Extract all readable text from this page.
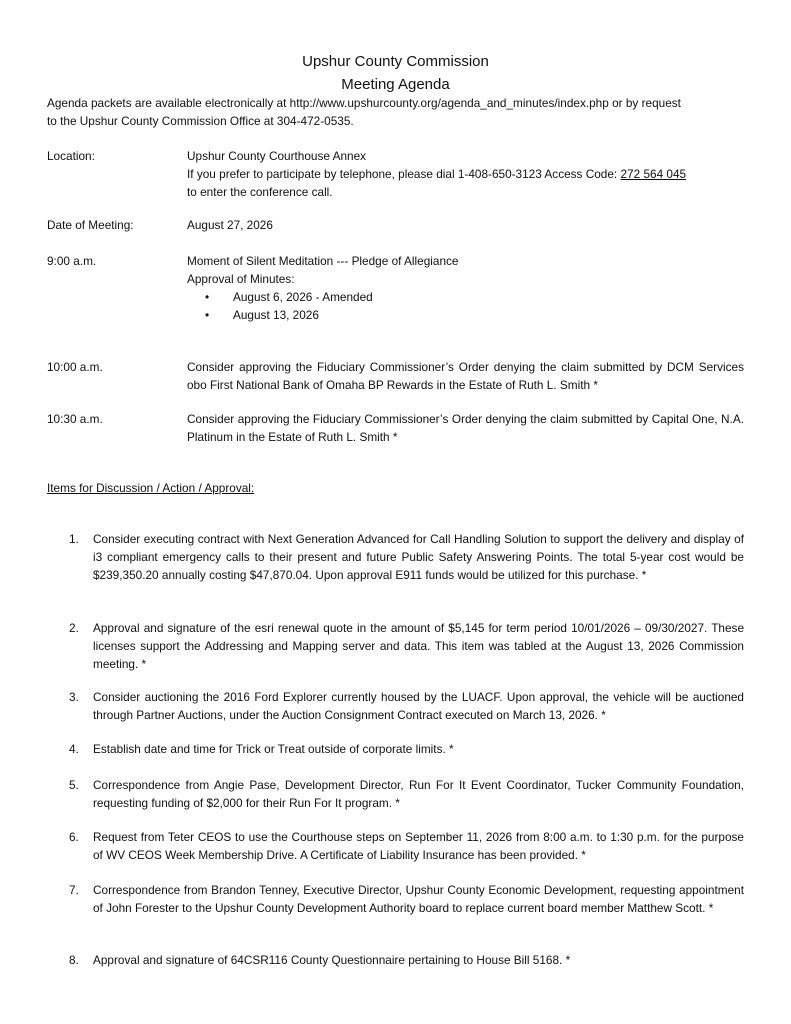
Upshur County Commission
Meeting Agenda
Agenda packets are available electronically at http://www.upshurcounty.org/agenda_and_minutes/index.php or by request
to the Upshur County Commission Office at 304-472-0535.
Location:	Upshur County Courthouse Annex
If you prefer to participate by telephone, please dial 1-408-650-3123 Access Code: 272 564 045
to enter the conference call.
Date of Meeting:	August 27, 2026
9:00 a.m.	Moment of Silent Meditation --- Pledge of Allegiance
Approval of Minutes:
• August 6, 2026 - Amended
• August 13, 2026
10:00 a.m.	Consider approving the Fiduciary Commissioner’s Order denying the claim submitted by DCM Services obo First National Bank of Omaha BP Rewards in the Estate of Ruth L. Smith *
10:30 a.m.	Consider approving the Fiduciary Commissioner’s Order denying the claim submitted by Capital One, N.A. Platinum in the Estate of Ruth L. Smith *
Items for Discussion / Action / Approval:
1. Consider executing contract with Next Generation Advanced for Call Handling Solution to support the delivery and display of i3 compliant emergency calls to their present and future Public Safety Answering Points. The total 5-year cost would be $239,350.20 annually costing $47,870.04. Upon approval E911 funds would be utilized for this purchase. *
2. Approval and signature of the esri renewal quote in the amount of $5,145 for term period 10/01/2026 – 09/30/2027. These licenses support the Addressing and Mapping server and data. This item was tabled at the August 13, 2026 Commission meeting. *
3. Consider auctioning the 2016 Ford Explorer currently housed by the LUACF. Upon approval, the vehicle will be auctioned through Partner Auctions, under the Auction Consignment Contract executed on March 13, 2026. *
4. Establish date and time for Trick or Treat outside of corporate limits. *
5. Correspondence from Angie Pase, Development Director, Run For It Event Coordinator, Tucker Community Foundation, requesting funding of $2,000 for their Run For It program. *
6. Request from Teter CEOS to use the Courthouse steps on September 11, 2026 from 8:00 a.m. to 1:30 p.m. for the purpose of WV CEOS Week Membership Drive. A Certificate of Liability Insurance has been provided. *
7. Correspondence from Brandon Tenney, Executive Director, Upshur County Economic Development, requesting appointment of John Forester to the Upshur County Development Authority board to replace current board member Matthew Scott. *
8. Approval and signature of 64CSR116 County Questionnaire pertaining to House Bill 5168. *
